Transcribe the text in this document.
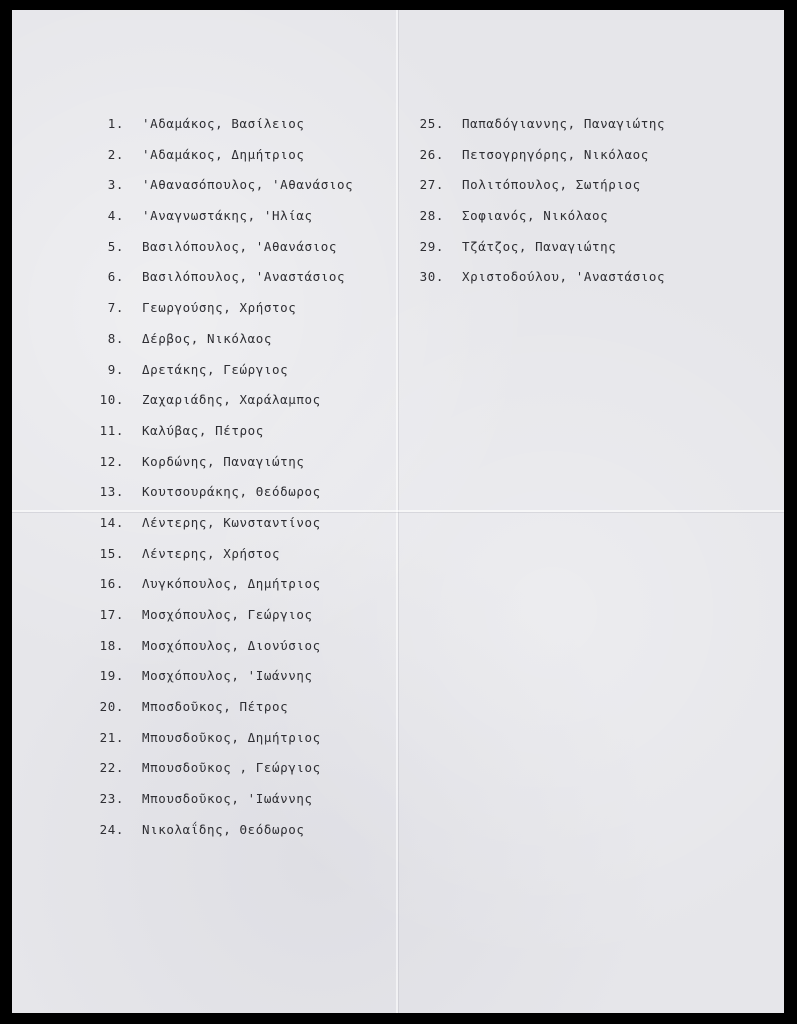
1. 'Αδαμάκος, Βασίλειος
2. 'Αδαμάκος, Δημήτριος
3. 'Αθανασόπουλος, 'Αθανάσιος
4. 'Αναγνωστάκης, 'Ηλίας
5. Βασιλόπουλος, 'Αθανάσιος
6. Βασιλόπουλος, 'Αναστάσιος
7. Γεωργούσης, Χρήστος
8. Δέρβος, Νικόλαος
9. Δρετάκης, Γεώργιος
10. Ζαχαριάδης, Χαράλαμπος
11. Καλύβας, Πέτρος
12. Κορδώνης, Παναγιώτης
13. Κουτσουράκης, Θεόδωρος
14. Λέντερης, Κωνσταντίνος
15. Λέντερης, Χρήστος
16. Λυγκόπουλος, Δημήτριος
17. Μοσχόπουλος, Γεώργιος
18. Μοσχόπουλος, Διονύσιος
19. Μοσχόπουλος, 'Ιωάννης
20. Μποσδοῦκος, Πέτρος
21. Μπουσδοῦκος, Δημήτριος
22. Μπουσδοῦκος , Γεώργιος
23. Μπουσδοῦκος, 'Ιωάννης
24. Νικολαΐδης, Θεόδωρος
25. Παπαδόγιαννης, Παναγιώτης
26. Πετσογρηγόρης, Νικόλαος
27. Πολιτόπουλος, Σωτήριος
28. Σοφιανός, Νικόλαος
29. Τζάτζος, Παναγιώτης
30. Χριστοδούλου, 'Αναστάσιος
